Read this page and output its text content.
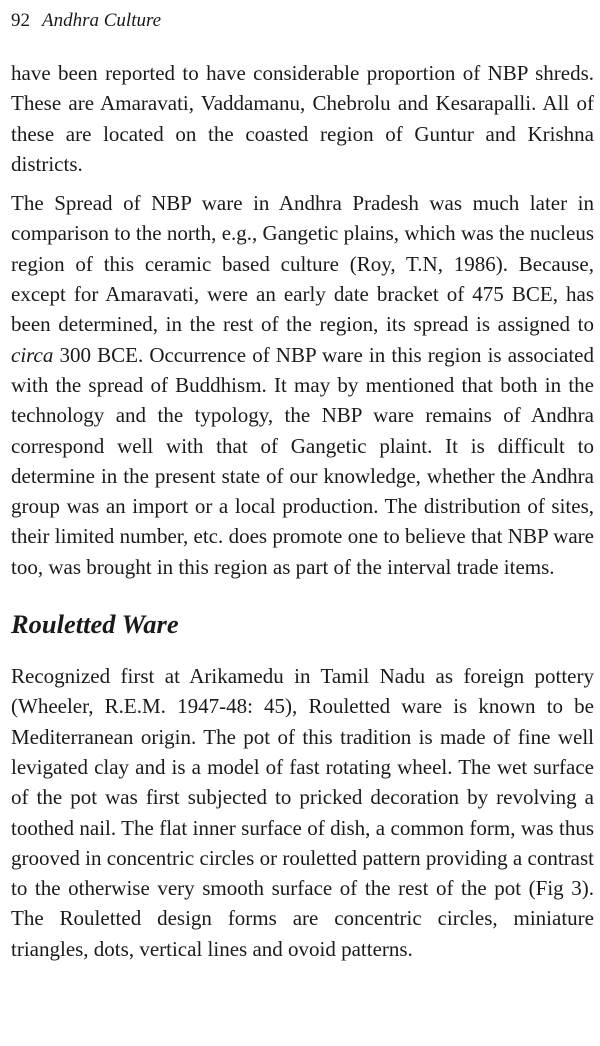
92 Andhra Culture

have been reported to have considerable proportion of NBP shreds. These are Amaravati, Vaddamanu, Chebrolu and Kesarapalli. All of these are located on the coasted region of Guntur and Krishna districts.

The Spread of NBP ware in Andhra Pradesh was much later in comparison to the north, e.g., Gangetic plains, which was the nucleus region of this ceramic based culture (Roy, T.N, 1986). Because, except for Amaravati, were an early date bracket of 475 BCE, has been determined, in the rest of the region, its spread is assigned to circa 300 BCE. Occurrence of NBP ware in this region is associated with the spread of Buddhism. It may by mentioned that both in the technology and the typology, the NBP ware remains of Andhra correspond well with that of Gangetic plaint. It is difficult to determine in the present state of our knowledge, whether the Andhra group was an import or a local production. The distribution of sites, their limited number, etc. does promote one to believe that NBP ware too, was brought in this region as part of the interval trade items.

Rouletted Ware

Recognized first at Arikamedu in Tamil Nadu as foreign pottery (Wheeler, R.E.M. 1947-48: 45), Rouletted ware is known to be Mediterranean origin. The pot of this tradition is made of fine well levigated clay and is a model of fast rotating wheel. The wet surface of the pot was first subjected to pricked decoration by revolving a toothed nail. The flat inner surface of dish, a common form, was thus grooved in concentric circles or rouletted pattern providing a contrast to the otherwise very smooth surface of the rest of the pot (Fig 3). The Rouletted design forms are concentric circles, miniature triangles, dots, vertical lines and ovoid patterns.
